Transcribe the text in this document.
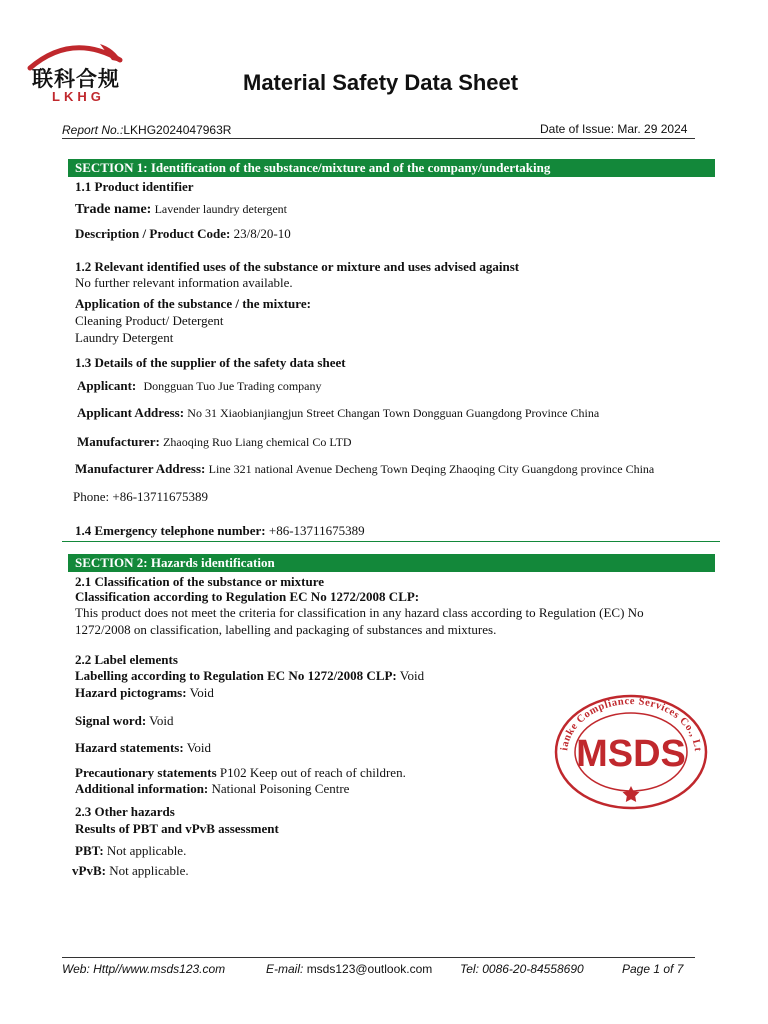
联科合规
LKHG
Material Safety Data Sheet
Report No.:LKHG2024047963R	Date of Issue: Mar. 29 2024
SECTION 1: Identification of the substance/mixture and of the company/undertaking
1.1 Product identifier
Trade name: Lavender laundry detergent
Description / Product Code: 23/8/20-10
1.2 Relevant identified uses of the substance or mixture and uses advised against
No further relevant information available.
Application of the substance / the mixture:
Cleaning Product/ Detergent
Laundry Detergent
1.3 Details of the supplier of the safety data sheet
Applicant: Dongguan Tuo Jue Trading company
Applicant Address: No 31 Xiaobianjiangjun Street Changan Town Dongguan Guangdong Province China
Manufacturer: Zhaoqing Ruo Liang chemical Co LTD
Manufacturer Address: Line 321 national Avenue Decheng Town Deqing Zhaoqing City Guangdong province China
Phone: +86-13711675389
1.4 Emergency telephone number: +86-13711675389
SECTION 2: Hazards identification
2.1 Classification of the substance or mixture
Classification according to Regulation EC No 1272/2008 CLP:
This product does not meet the criteria for classification in any hazard class according to Regulation (EC) No
1272/2008 on classification, labelling and packaging of substances and mixtures.
2.2 Label elements
Labelling according to Regulation EC No 1272/2008 CLP: Void
Hazard pictograms: Void
Signal word: Void
Hazard statements: Void
Precautionary statements P102 Keep out of reach of children.
Additional information: National Poisoning Centre
2.3 Other hazards
Results of PBT and vPvB assessment
PBT: Not applicable.
vPvB: Not applicable.
ianke Compliance Services Co., Lt
MSDS
Web: Http//www.msds123.com	E-mail: msds123@outlook.com Tel: 0086-20-84558690	Page 1 of 7
